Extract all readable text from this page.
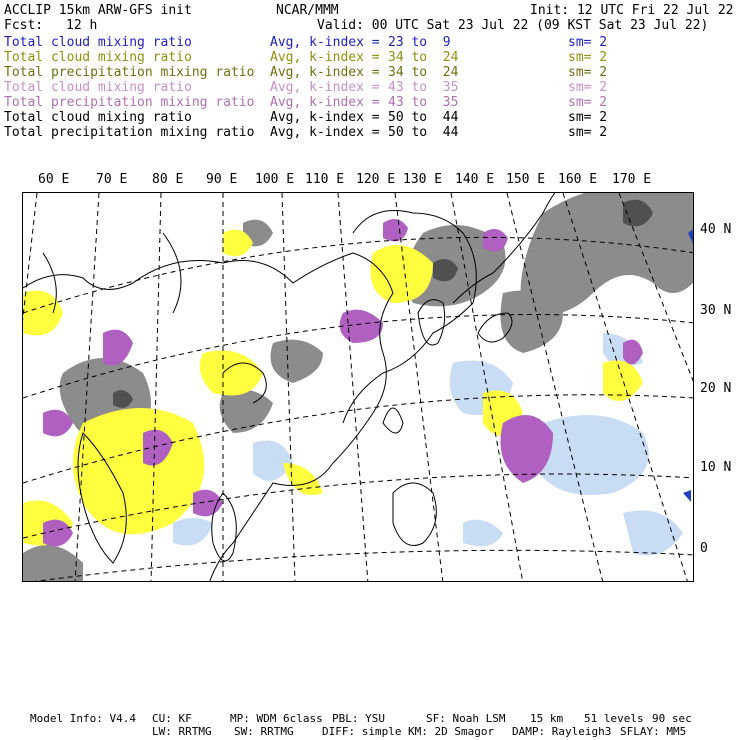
ACCLIP 15km ARW-GFS init	NCAR/MMM	Init: 12 UTC Fri 22 Jul 22
Fcst: 12 h	Valid: 00 UTC Sat 23 Jul 22 (09 KST Sat 23 Jul 22)
Total cloud mixing ratio	Avg, k-index = 23 to  9	sm= 2
Total cloud mixing ratio	Avg, k-index = 34 to  24	sm= 2
Total precipitation mixing ratio Avg, k-index = 34 to  24	sm= 2
Total cloud mixing ratio	Avg, k-index = 43 to  35	sm= 2
Total precipitation mixing ratio Avg, k-index = 43 to  35	sm= 2
Total cloud mixing ratio	Avg, k-index = 50 to  44	sm= 2
Total precipitation mixing ratio Avg, k-index = 50 to  44	sm= 2
60 E 70 E 80 E 90 E 100 E 110 E 120 E 130 E 140 E 150 E 160 E 170 E
40 N
30 N
20 N
10 N
0
Model Info: V4.4 CU: KF	MP: WDM 6class PBL: YSU	SF: Noah LSM 15 km 51 levels 90 sec
LW: RRTMG SW: RRTMG	DIFF: simple KM: 2D Smagor DAMP: Rayleigh3 SFLAY: MM5
